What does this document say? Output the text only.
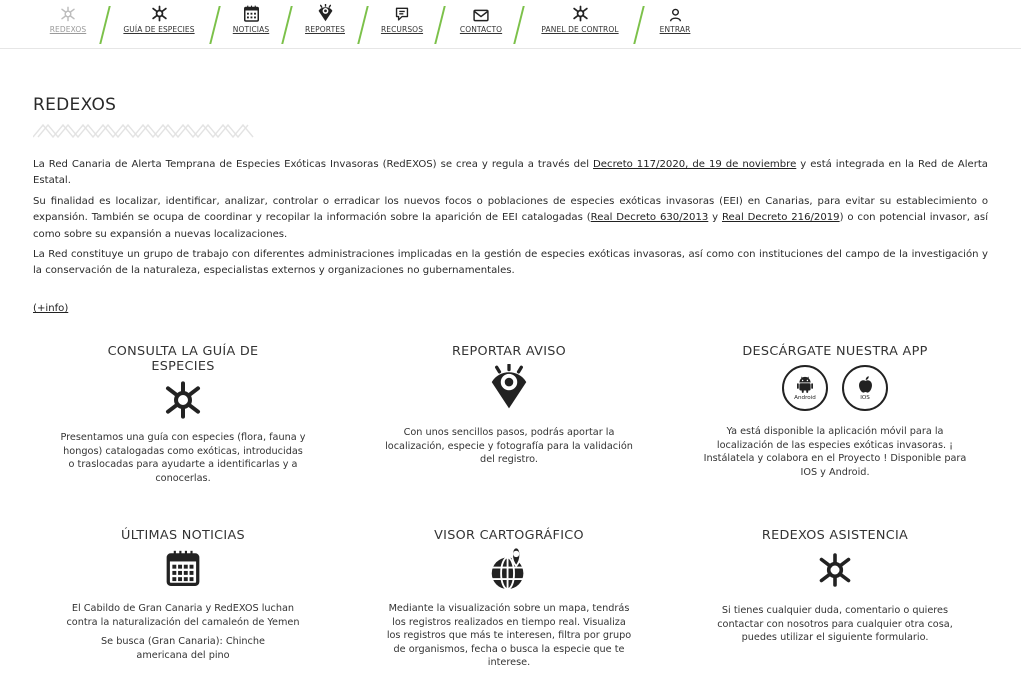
REDEXOS	GUÍA DE ESPECIES	NOTICIAS	REPORTES	RECURSOS	CONTACTO	PANEL DE CONTROL	ENTRAR
REDEXOS

La Red Canaria de Alerta Temprana de Especies Exóticas Invasoras (RedEXOS) se crea y regula a través del Decreto 117/2020, de 19 de noviembre y está integrada en la Red de Alerta Estatal.

Su finalidad es localizar, identificar, analizar, controlar o erradicar los nuevos focos o poblaciones de especies exóticas invasoras (EEI) en Canarias, para evitar su establecimiento o expansión. También se ocupa de coordinar y recopilar la información sobre la aparición de EEI catalogadas (Real Decreto 630/2013 y Real Decreto 216/2019) o con potencial invasor, así como sobre su expansión a nuevas localizaciones.

La Red constituye un grupo de trabajo con diferentes administraciones implicadas en la gestión de especies exóticas invasoras, así como con instituciones del campo de la investigación y la conservación de la naturaleza, especialistas externos y organizaciones no gubernamentales.

(+info)
CONSULTA LA GUÍA DE ESPECIES

Presentamos una guía con especies (flora, fauna y hongos) catalogadas como exóticas, introducidas o traslocadas para ayudarte a identificarlas y a conocerlas.

REPORTAR AVISO

Con unos sencillos pasos, podrás aportar la localización, especie y fotografía para la validación del registro.

DESCÁRGATE NUESTRA APP
Android	IOS

Ya está disponible la aplicación móvil para la localización de las especies exóticas invasoras. ¡ Instálatela y colabora en el Proyecto ! Disponible para IOS y Android.

ÚLTIMAS NOTICIAS

El Cabildo de Gran Canaria y RedEXOS luchan contra la naturalización del camaleón de Yemen

Se busca (Gran Canaria): Chinche americana del pino

VISOR CARTOGRÁFICO

Mediante la visualización sobre un mapa, tendrás los registros realizados en tiempo real. Visualiza los registros que más te interesen, filtra por grupo de organismos, fecha o busca la especie que te interese.

REDEXOS ASISTENCIA

Si tienes cualquier duda, comentario o quieres contactar con nosotros para cualquier otra cosa, puedes utilizar el siguiente formulario.
